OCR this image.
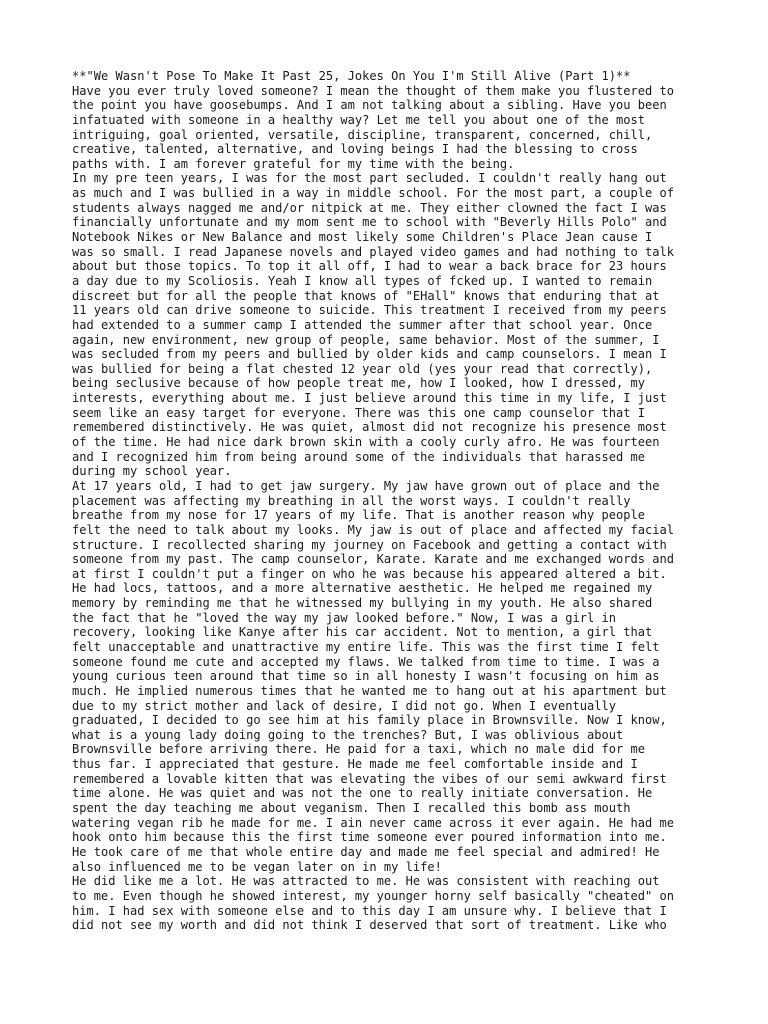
**"We Wasn't Pose To Make It Past 25, Jokes On You I'm Still Alive (Part 1)**
Have you ever truly loved someone? I mean the thought of them make you flustered to
the point you have goosebumps. And I am not talking about a sibling. Have you been
infatuated with someone in a healthy way? Let me tell you about one of the most
intriguing, goal oriented, versatile, discipline, transparent, concerned, chill,
creative, talented, alternative, and loving beings I had the blessing to cross
paths with. I am forever grateful for my time with the being.
In my pre teen years, I was for the most part secluded. I couldn't really hang out
as much and I was bullied in a way in middle school. For the most part, a couple of
students always nagged me and/or nitpick at me. They either clowned the fact I was
financially unfortunate and my mom sent me to school with "Beverly Hills Polo" and
Notebook Nikes or New Balance and most likely some Children's Place Jean cause I
was so small. I read Japanese novels and played video games and had nothing to talk
about but those topics. To top it all off, I had to wear a back brace for 23 hours
a day due to my Scoliosis. Yeah I know all types of fcked up. I wanted to remain
discreet but for all the people that knows of "EHall" knows that enduring that at
11 years old can drive someone to suicide. This treatment I received from my peers
had extended to a summer camp I attended the summer after that school year. Once
again, new environment, new group of people, same behavior. Most of the summer, I
was secluded from my peers and bullied by older kids and camp counselors. I mean I
was bullied for being a flat chested 12 year old (yes your read that correctly),
being seclusive because of how people treat me, how I looked, how I dressed, my
interests, everything about me. I just believe around this time in my life, I just
seem like an easy target for everyone. There was this one camp counselor that I
remembered distinctively. He was quiet, almost did not recognize his presence most
of the time. He had nice dark brown skin with a cooly curly afro. He was fourteen
and I recognized him from being around some of the individuals that harassed me
during my school year.
At 17 years old, I had to get jaw surgery. My jaw have grown out of place and the
placement was affecting my breathing in all the worst ways. I couldn't really
breathe from my nose for 17 years of my life. That is another reason why people
felt the need to talk about my looks. My jaw is out of place and affected my facial
structure. I recollected sharing my journey on Facebook and getting a contact with
someone from my past. The camp counselor, Karate. Karate and me exchanged words and
at first I couldn't put a finger on who he was because his appeared altered a bit.
He had locs, tattoos, and a more alternative aesthetic. He helped me regained my
memory by reminding me that he witnessed my bullying in my youth. He also shared
the fact that he "loved the way my jaw looked before." Now, I was a girl in
recovery, looking like Kanye after his car accident. Not to mention, a girl that
felt unacceptable and unattractive my entire life. This was the first time I felt
someone found me cute and accepted my flaws. We talked from time to time. I was a
young curious teen around that time so in all honesty I wasn't focusing on him as
much. He implied numerous times that he wanted me to hang out at his apartment but
due to my strict mother and lack of desire, I did not go. When I eventually
graduated, I decided to go see him at his family place in Brownsville. Now I know,
what is a young lady doing going to the trenches? But, I was oblivious about
Brownsville before arriving there. He paid for a taxi, which no male did for me
thus far. I appreciated that gesture. He made me feel comfortable inside and I
remembered a lovable kitten that was elevating the vibes of our semi awkward first
time alone. He was quiet and was not the one to really initiate conversation. He
spent the day teaching me about veganism. Then I recalled this bomb ass mouth
watering vegan rib he made for me. I ain never came across it ever again. He had me
hook onto him because this the first time someone ever poured information into me.
He took care of me that whole entire day and made me feel special and admired! He
also influenced me to be vegan later on in my life!
He did like me a lot. He was attracted to me. He was consistent with reaching out
to me. Even though he showed interest, my younger horny self basically "cheated" on
him. I had sex with someone else and to this day I am unsure why. I believe that I
did not see my worth and did not think I deserved that sort of treatment. Like who
